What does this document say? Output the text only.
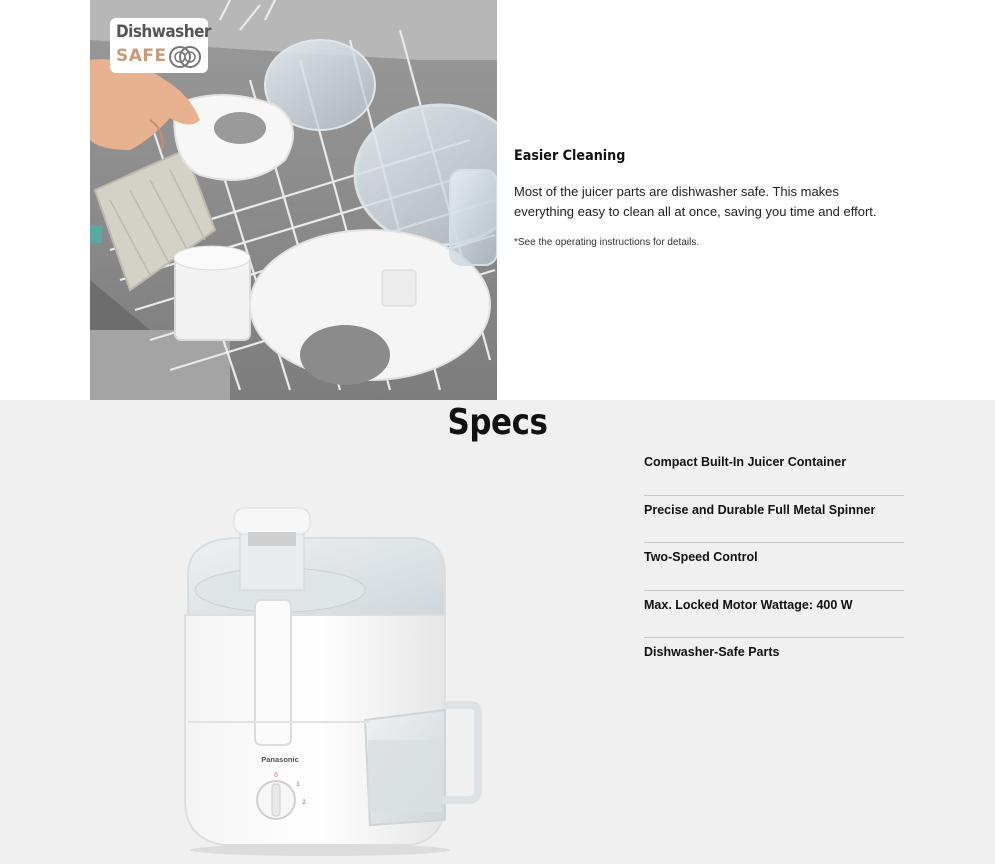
Dishwasher
SAFE
Easier Cleaning

Most of the juicer parts are dishwasher safe. This makes everything easy to clean all at once, saving you time and effort.

*See the operating instructions for details.

Specs
Panasonic
0
1
2
Compact Built-In Juicer Container
Precise and Durable Full Metal Spinner
Two-Speed Control
Max. Locked Motor Wattage: 400 W
Dishwasher-Safe Parts
